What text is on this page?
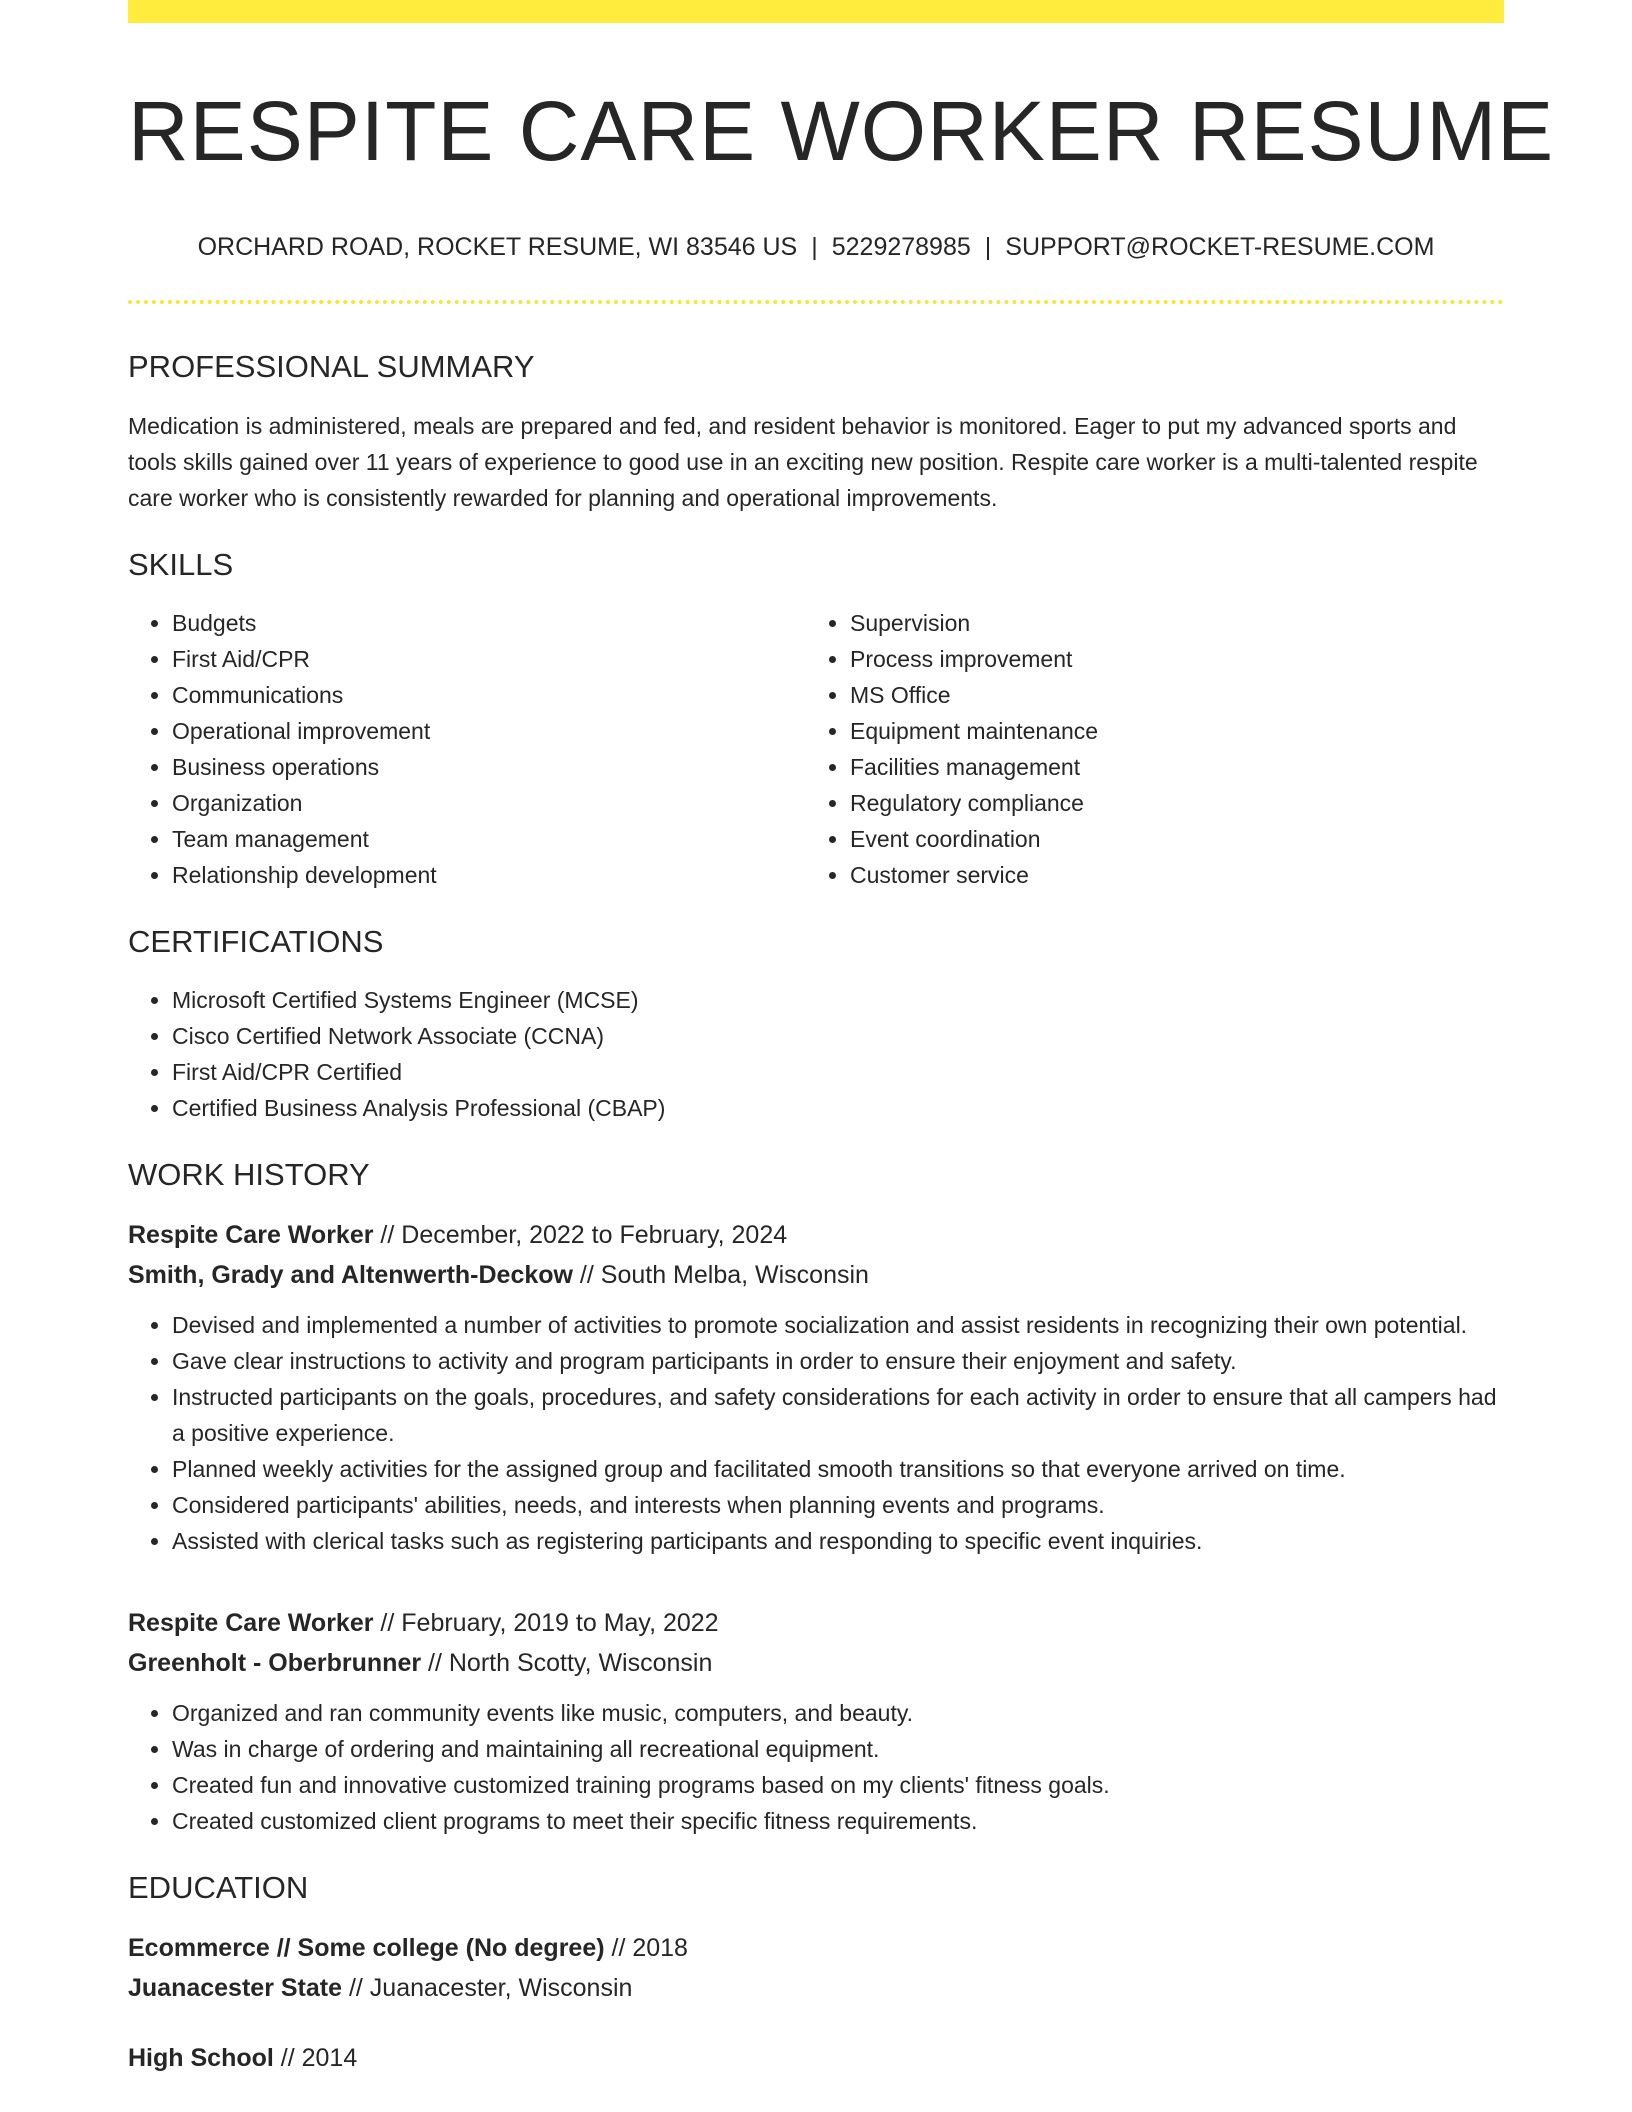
RESPITE CARE WORKER RESUME
ORCHARD ROAD, ROCKET RESUME, WI 83546 US | 5229278985 | SUPPORT@ROCKET-RESUME.COM
PROFESSIONAL SUMMARY

Medication is administered, meals are prepared and fed, and resident behavior is monitored. Eager to put my advanced sports and tools skills gained over 11 years of experience to good use in an exciting new position. Respite care worker is a multi-talented respite care worker who is consistently rewarded for planning and operational improvements.

SKILLS
• Budgets
• First Aid/CPR
• Communications
• Operational improvement
• Business operations
• Organization
• Team management
• Relationship development
• Supervision
• Process improvement
• MS Office
• Equipment maintenance
• Facilities management
• Regulatory compliance
• Event coordination
• Customer service
CERTIFICATIONS
• Microsoft Certified Systems Engineer (MCSE)
• Cisco Certified Network Associate (CCNA)
• First Aid/CPR Certified
• Certified Business Analysis Professional (CBAP)
WORK HISTORY
Respite Care Worker // December, 2022 to February, 2024
Smith, Grady and Altenwerth-Deckow // South Melba, Wisconsin
• Devised and implemented a number of activities to promote socialization and assist residents in recognizing their own potential.
• Gave clear instructions to activity and program participants in order to ensure their enjoyment and safety.
• Instructed participants on the goals, procedures, and safety considerations for each activity in order to ensure that all campers had a positive experience.
• Planned weekly activities for the assigned group and facilitated smooth transitions so that everyone arrived on time.
• Considered participants' abilities, needs, and interests when planning events and programs.
• Assisted with clerical tasks such as registering participants and responding to specific event inquiries.
Respite Care Worker // February, 2019 to May, 2022
Greenholt - Oberbrunner // North Scotty, Wisconsin
• Organized and ran community events like music, computers, and beauty.
• Was in charge of ordering and maintaining all recreational equipment.
• Created fun and innovative customized training programs based on my clients' fitness goals.
• Created customized client programs to meet their specific fitness requirements.
EDUCATION
Ecommerce // Some college (No degree) // 2018
Juanacester State // Juanacester, Wisconsin
High School // 2014
